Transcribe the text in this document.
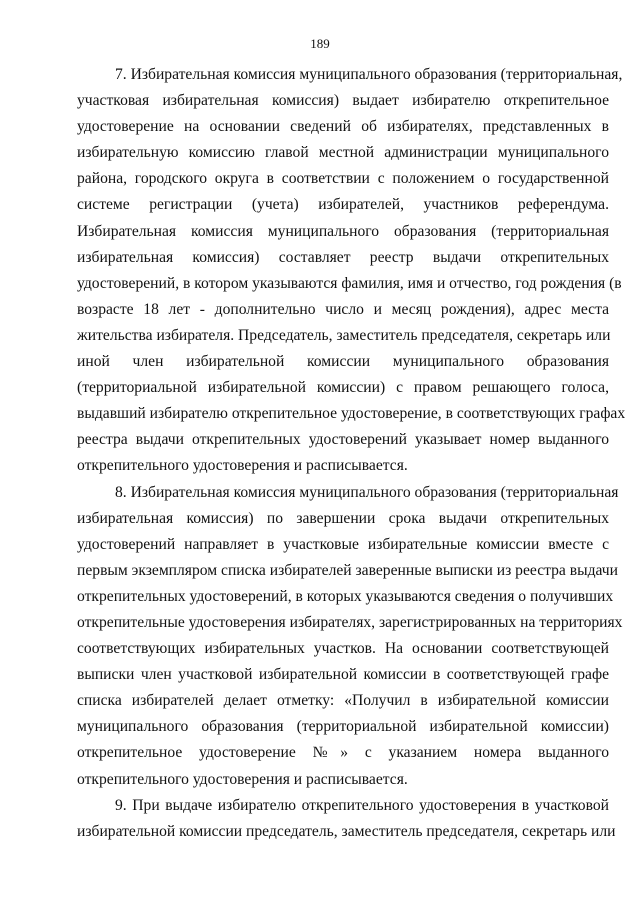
189

7. Избирательная комиссия муниципального образования (территориальная,
участковая избирательная комиссия) выдает избирателю открепительное
удостоверение на основании сведений об избирателях, представленных в
избирательную комиссию главой местной администрации муниципального
района, городского округа в соответствии с положением о государственной
системе регистрации (учета) избирателей, участников референдума.
Избирательная комиссия муниципального образования (территориальная
избирательная комиссия) составляет реестр выдачи открепительных
удостоверений, в котором указываются фамилия, имя и отчество, год рождения (в
возрасте 18 лет - дополнительно число и месяц рождения), адрес места
жительства избирателя. Председатель, заместитель председателя, секретарь или
иной член избирательной комиссии муниципального образования
(территориальной избирательной комиссии) с правом решающего голоса,
выдавший избирателю открепительное удостоверение, в соответствующих графах
реестра выдачи открепительных удостоверений указывает номер выданного
открепительного удостоверения и расписывается.

8. Избирательная комиссия муниципального образования (территориальная
избирательная комиссия) по завершении срока выдачи открепительных
удостоверений направляет в участковые избирательные комиссии вместе с
первым экземпляром списка избирателей заверенные выписки из реестра выдачи
открепительных удостоверений, в которых указываются сведения о получивших
открепительные удостоверения избирателях, зарегистрированных на территориях
соответствующих избирательных участков. На основании соответствующей
выписки член участковой избирательной комиссии в соответствующей графе
списка избирателей делает отметку: «Получил в избирательной комиссии
муниципального образования (территориальной избирательной комиссии)
открепительное удостоверение №» с указанием номера выданного
открепительного удостоверения и расписывается.

9. При выдаче избирателю открепительного удостоверения в участковой
избирательной комиссии председатель, заместитель председателя, секретарь или
